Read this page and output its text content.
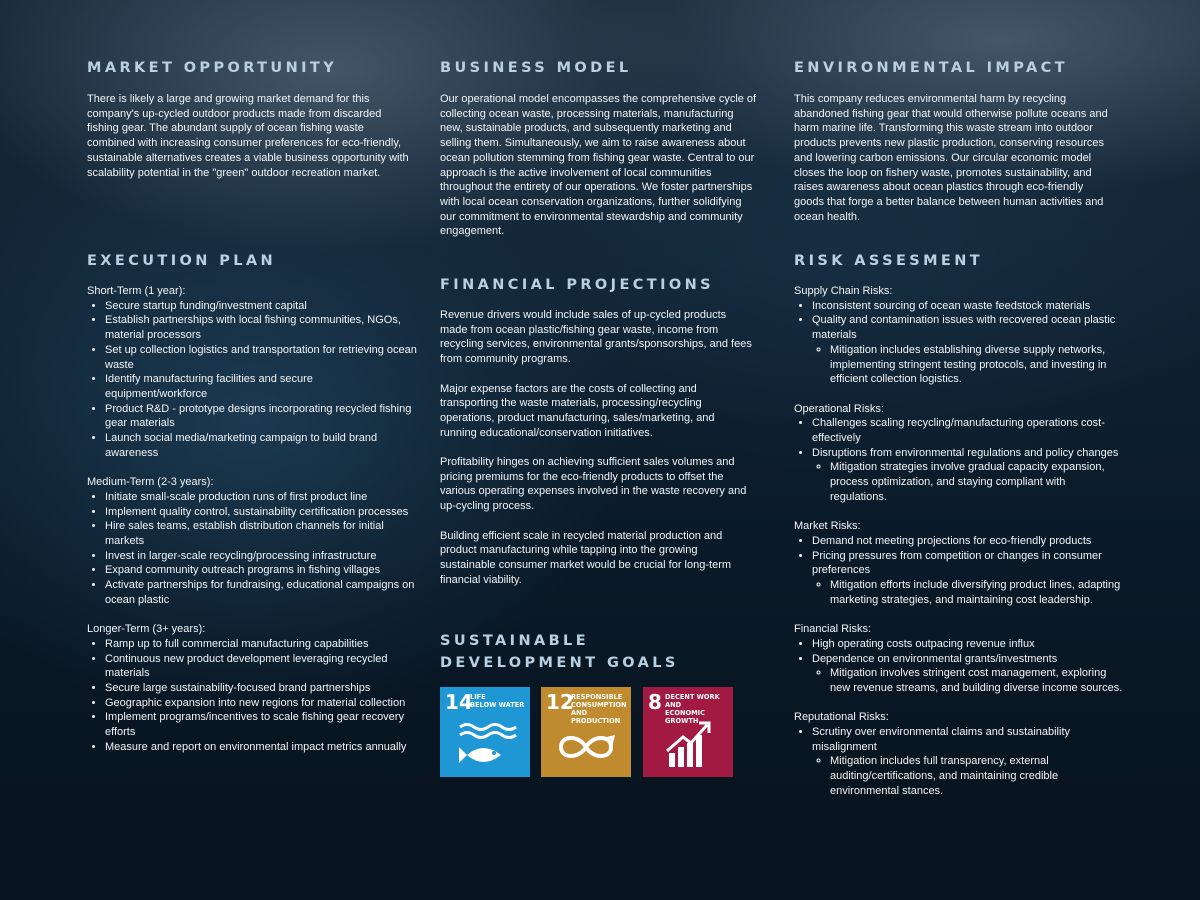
MARKET OPPORTUNITY

There is likely a large and growing market demand for this company's up-cycled outdoor products made from discarded fishing gear. The abundant supply of ocean fishing waste combined with increasing consumer preferences for eco-friendly, sustainable alternatives creates a viable business opportunity with scalability potential in the "green" outdoor recreation market.

EXECUTION PLAN

Short-Term (1 year):

• Secure startup funding/investment capital
• Establish partnerships with local fishing communities, NGOs, material processors
• Set up collection logistics and transportation for retrieving ocean waste
• Identify manufacturing facilities and secure equipment/workforce
• Product R&D - prototype designs incorporating recycled fishing gear materials
• Launch social media/marketing campaign to build brand awareness

Medium-Term (2-3 years):

• Initiate small-scale production runs of first product line
• Implement quality control, sustainability certification processes
• Hire sales teams, establish distribution channels for initial markets
• Invest in larger-scale recycling/processing infrastructure
• Expand community outreach programs in fishing villages
• Activate partnerships for fundraising, educational campaigns on ocean plastic

Longer-Term (3+ years):

• Ramp up to full commercial manufacturing capabilities
• Continuous new product development leveraging recycled materials
• Secure large sustainability-focused brand partnerships
• Geographic expansion into new regions for material collection
• Implement programs/incentives to scale fishing gear recovery efforts
• Measure and report on environmental impact metrics annually
BUSINESS MODEL

Our operational model encompasses the comprehensive cycle of collecting ocean waste, processing materials, manufacturing new, sustainable products, and subsequently marketing and selling them. Simultaneously, we aim to raise awareness about ocean pollution stemming from fishing gear waste. Central to our approach is the active involvement of local communities throughout the entirety of our operations. We foster partnerships with local ocean conservation organizations, further solidifying our commitment to environmental stewardship and community engagement.

FINANCIAL PROJECTIONS

Revenue drivers would include sales of up-cycled products made from ocean plastic/fishing gear waste, income from recycling services, environmental grants/sponsorships, and fees from community programs.

Major expense factors are the costs of collecting and transporting the waste materials, processing/recycling operations, product manufacturing, sales/marketing, and running educational/conservation initiatives.

Profitability hinges on achieving sufficient sales volumes and pricing premiums for the eco-friendly products to offset the various operating expenses involved in the waste recovery and up-cycling process.

Building efficient scale in recycled material production and product manufacturing while tapping into the growing sustainable consumer market would be crucial for long-term financial viability.

SUSTAINABLE
DEVELOPMENT GOALS
14
LIFE
BELOW WATER 12
RESPONSIBLE
CONSUMPTION
AND PRODUCTION
8 DECENT WORK AND
ECONOMIC GROWTH
ENVIRONMENTAL IMPACT

This company reduces environmental harm by recycling abandoned fishing gear that would otherwise pollute oceans and harm marine life. Transforming this waste stream into outdoor products prevents new plastic production, conserving resources and lowering carbon emissions. Our circular economic model closes the loop on fishery waste, promotes sustainability, and raises awareness about ocean plastics through eco-friendly goods that forge a better balance between human activities and ocean health.

RISK ASSESMENT

Supply Chain Risks:

• Inconsistent sourcing of ocean waste feedstock materials
• Quality and contamination issues with recovered ocean plastic materials
◦ Mitigation includes establishing diverse supply networks, implementing stringent testing protocols, and investing in efficient collection logistics.

Operational Risks:

• Challenges scaling recycling/manufacturing operations cost-effectively
• Disruptions from environmental regulations and policy changes
◦ Mitigation strategies involve gradual capacity expansion, process optimization, and staying compliant with regulations.

Market Risks:

• Demand not meeting projections for eco-friendly products
• Pricing pressures from competition or changes in consumer preferences
◦ Mitigation efforts include diversifying product lines, adapting marketing strategies, and maintaining cost leadership.

Financial Risks:

• High operating costs outpacing revenue influx
• Dependence on environmental grants/investments
◦ Mitigation involves stringent cost management, exploring new revenue streams, and building diverse income sources.

Reputational Risks:

• Scrutiny over environmental claims and sustainability misalignment
◦ Mitigation includes full transparency, external auditing/certifications, and maintaining credible environmental stances.
